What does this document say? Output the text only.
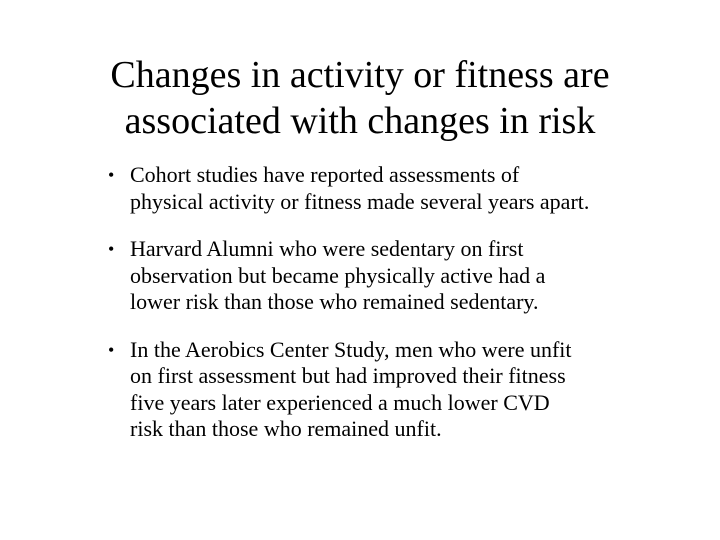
Changes in activity or fitness are
associated with changes in risk
• Cohort studies have reported assessments of
physical activity or fitness made several years apart.
• Harvard Alumni who were sedentary on first
observation but became physically active had a
lower risk than those who remained sedentary.
• In the Aerobics Center Study, men who were unfit
on first assessment but had improved their fitness
five years later experienced a much lower CVD
risk than those who remained unfit.
